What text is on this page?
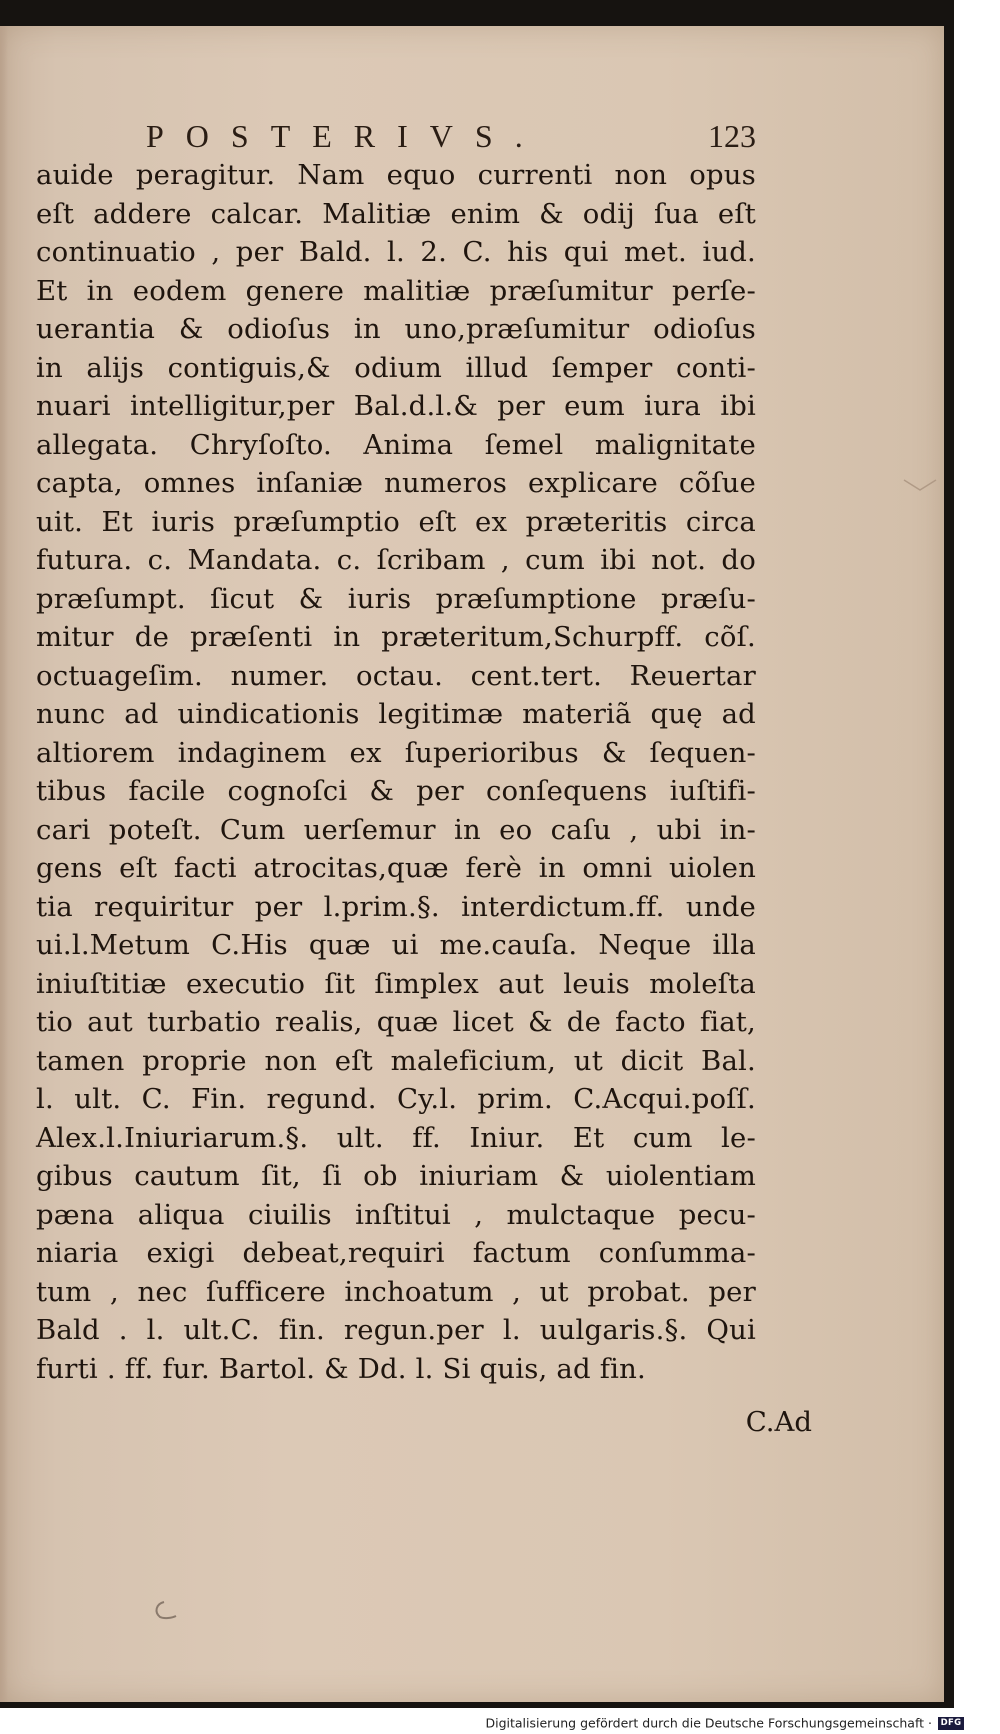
POSTERIVS.	123
auide peragitur. Nam equo currenti non opus
eſt addere calcar. Malitiæ enim & odij ſua eſt
continuatio , per Bald. l. 2. C. his qui met. iud.
Et in eodem genere malitiæ præſumitur perſe-
uerantia & odioſus in uno,præſumitur odioſus
in alijs contiguis,& odium illud ſemper conti-
nuari intelligitur,per Bal.d.l.& per eum iura ibi
allegata. Chryſoſto. Anima ſemel malignitate
capta, omnes inſaniæ numeros explicare cõſue
uit. Et iuris præſumptio eſt ex præteritis circa
futura. c. Mandata. c. ſcribam , cum ibi not. do
præſumpt. ſicut & iuris præſumptione præſu-
mitur de præſenti in præteritum,Schurpff. cõſ.
octuageſim. numer. octau. cent.tert. Reuertar
nunc ad uindicationis legitimæ materiã quę ad
altiorem indaginem ex ſuperioribus & ſequen-
tibus facile cognoſci & per conſequens iuſtifi-
cari poteſt. Cum uerſemur in eo caſu , ubi in-
gens eſt facti atrocitas,quæ ferè in omni uiolen
tia requiritur per l.prim.§. interdictum.ff. unde
ui.l.Metum C.His quæ ui me.cauſa. Neque illa
iniuſtitiæ executio ſit ſimplex aut leuis moleſta
tio aut turbatio realis, quæ licet & de facto fiat,
tamen proprie non eſt maleficium, ut dicit Bal.
l. ult. C. Fin. regund. Cy.l. prim. C.Acqui.poſſ.
Alex.l.Iniuriarum.§. ult. ff. Iniur. Et cum le-
gibus cautum ſit, ſi ob iniuriam & uiolentiam
pæna aliqua ciuilis inſtitui , mulctaque pecu-
niaria exigi debeat,requiri factum conſumma-
tum , nec ſufficere inchoatum , ut probat. per
Bald . l. ult.C. fin. regun.per l. uulgaris.§. Qui
furti . ff. fur. Bartol. & Dd. l. Si quis, ad fin.
C.Ad
Digitalisierung gefördert durch die Deutsche Forschungsgemeinschaft · DFG
